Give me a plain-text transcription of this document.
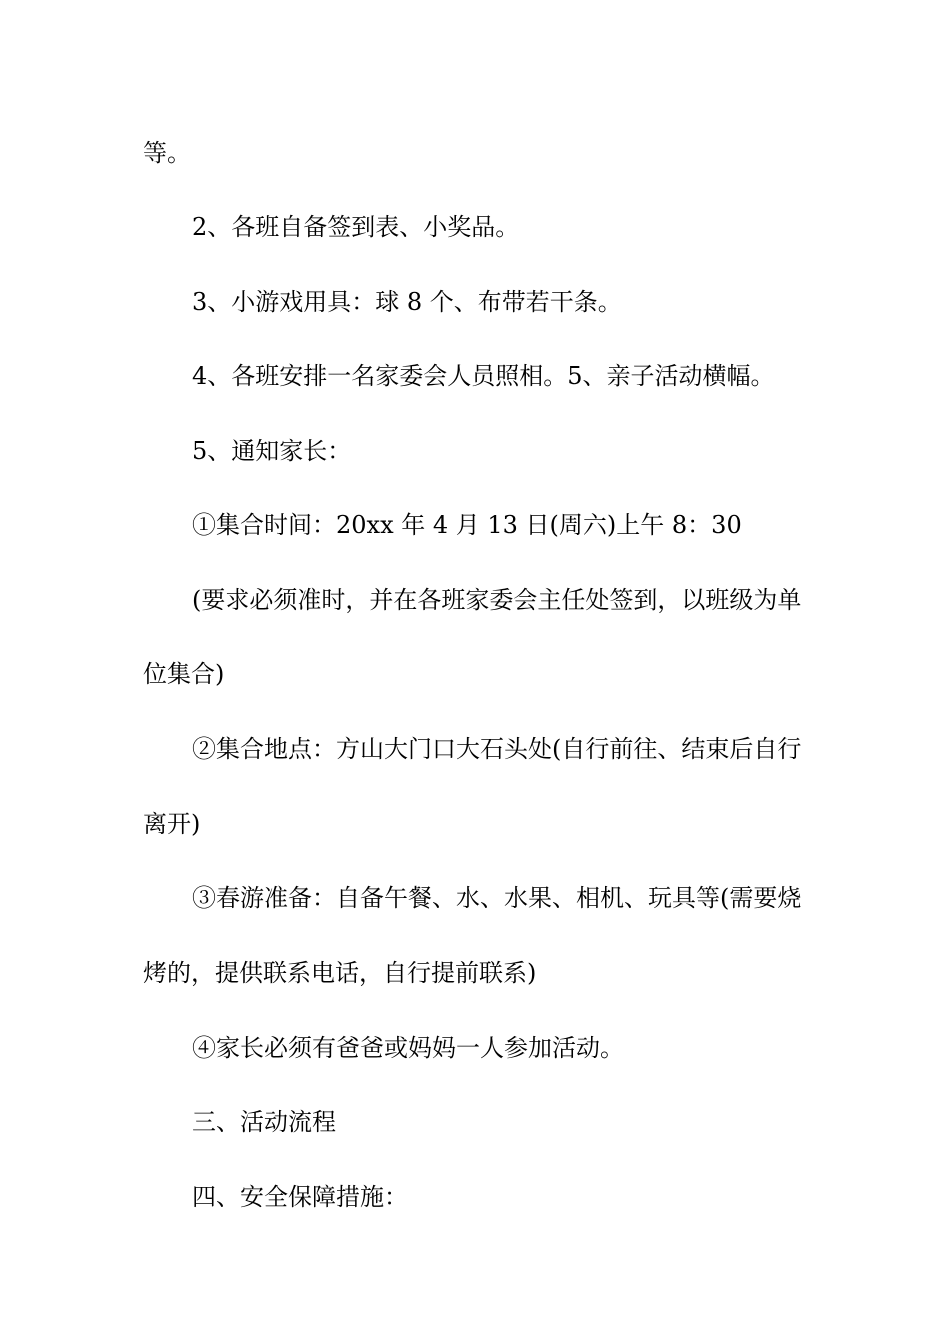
等。
2、各班自备签到表、小奖品。
3、小游戏用具：球 8 个、布带若干条。
4、各班安排一名家委会人员照相。5、亲子活动横幅。
5、通知家长：
①集合时间：20xx 年 4 月 13 日(周六)上午 8：30
(要求必须准时，并在各班家委会主任处签到，以班级为单
位集合)
②集合地点：方山大门口大石头处(自行前往、结束后自行
离开)
③春游准备：自备午餐、水、水果、相机、玩具等(需要烧
烤的，提供联系电话，自行提前联系)
④家长必须有爸爸或妈妈一人参加活动。
三、活动流程
四、安全保障措施：
